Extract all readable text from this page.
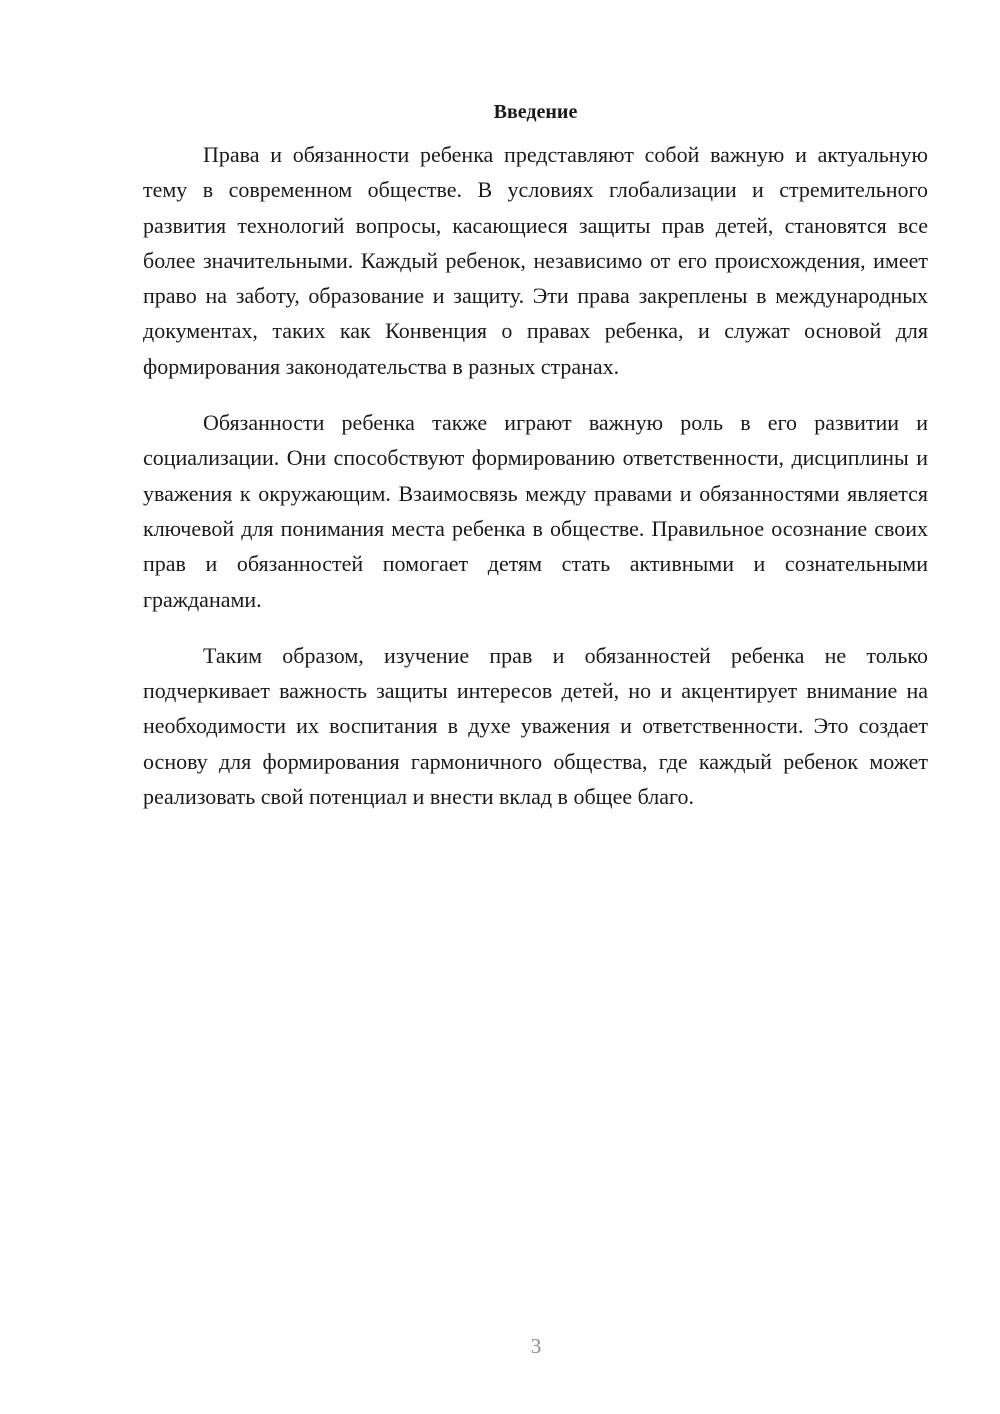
Введение

Права и обязанности ребенка представляют собой важную и актуальную тему в современном обществе. В условиях глобализации и стремительного развития технологий вопросы, касающиеся защиты прав детей, становятся все более значительными. Каждый ребенок, независимо от его происхождения, имеет право на заботу, образование и защиту. Эти права закреплены в международных документах, таких как Конвенция о правах ребенка, и служат основой для формирования законодательства в разных странах.

Обязанности ребенка также играют важную роль в его развитии и социализации. Они способствуют формированию ответственности, дисциплины и уважения к окружающим. Взаимосвязь между правами и обязанностями является ключевой для понимания места ребенка в обществе. Правильное осознание своих прав и обязанностей помогает детям стать активными и сознательными гражданами.

Таким образом, изучение прав и обязанностей ребенка не только подчеркивает важность защиты интересов детей, но и акцентирует внимание на необходимости их воспитания в духе уважения и ответственности. Это создает основу для формирования гармоничного общества, где каждый ребенок может реализовать свой потенциал и внести вклад в общее благо.

3
